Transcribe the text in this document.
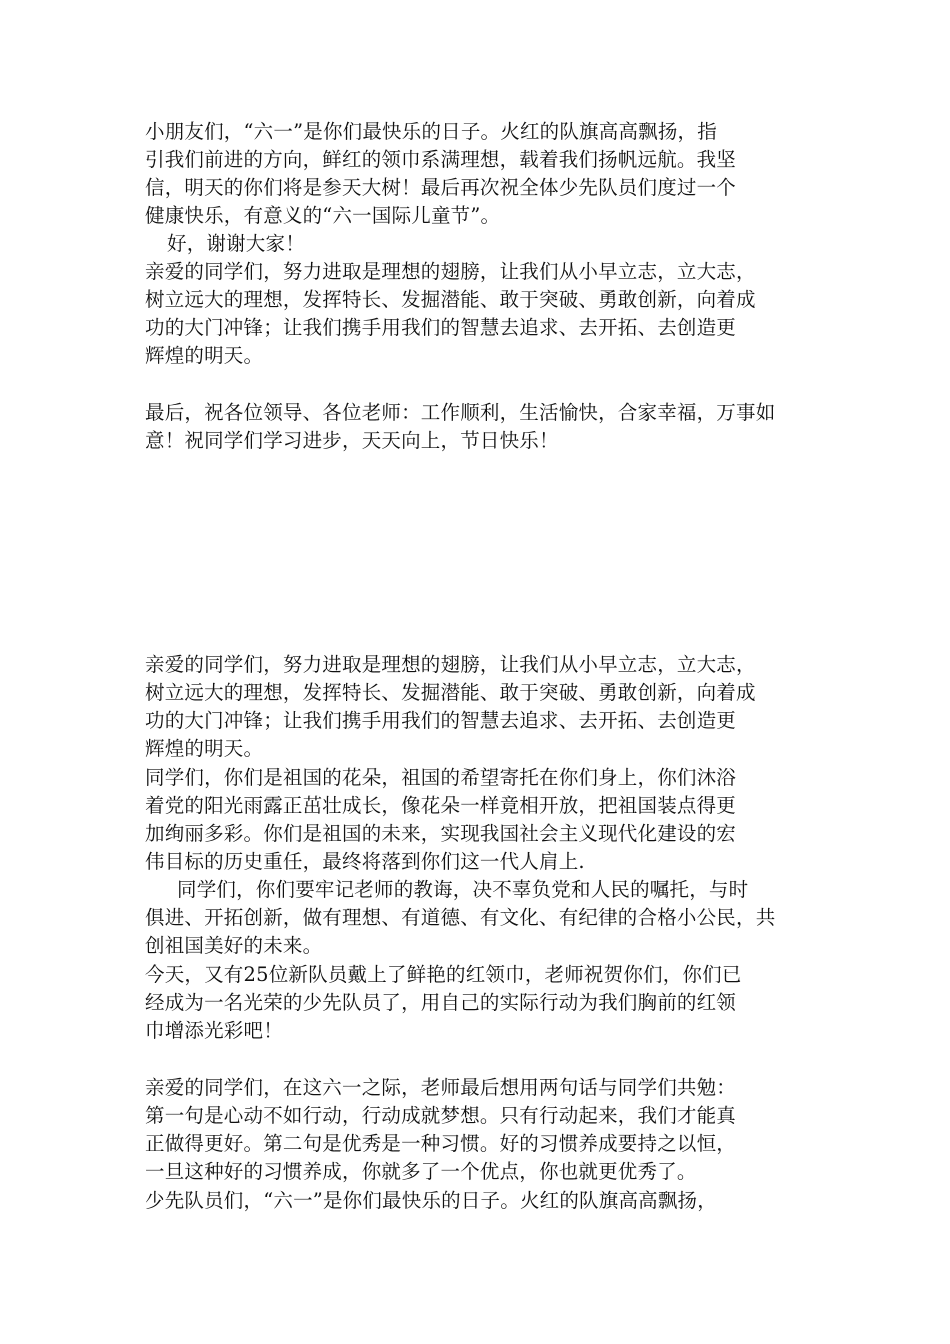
小朋友们，“六一”是你们最快乐的日子。火红的队旗高高飘扬，指
引我们前进的方向，鲜红的领巾系满理想，载着我们扬帆远航。我坚
信，明天的你们将是参天大树！最后再次祝全体少先队员们度过一个
健康快乐，有意义的“六一国际儿童节”。
好，谢谢大家！
亲爱的同学们，努力进取是理想的翅膀，让我们从小早立志，立大志，
树立远大的理想，发挥特长、发掘潜能、敢于突破、勇敢创新，向着成
功的大门冲锋；让我们携手用我们的智慧去追求、去开拓、去创造更
辉煌的明天。
最后，祝各位领导、各位老师：工作顺利，生活愉快，合家幸福，万事如
意！祝同学们学习进步，天天向上，节日快乐！
亲爱的同学们，努力进取是理想的翅膀，让我们从小早立志，立大志，
树立远大的理想，发挥特长、发掘潜能、敢于突破、勇敢创新，向着成
功的大门冲锋；让我们携手用我们的智慧去追求、去开拓、去创造更
辉煌的明天。
同学们，你们是祖国的花朵，祖国的希望寄托在你们身上，你们沐浴
着党的阳光雨露正茁壮成长，像花朵一样竟相开放，把祖国装点得更
加绚丽多彩。你们是祖国的未来，实现我国社会主义现代化建设的宏
伟目标的历史重任，最终将落到你们这一代人肩上.
同学们，你们要牢记老师的教诲，决不辜负党和人民的嘱托，与时
俱进、开拓创新，做有理想、有道德、有文化、有纪律的合格小公民，共
创祖国美好的未来。
今天，又有25位新队员戴上了鲜艳的红领巾，老师祝贺你们，你们已
经成为一名光荣的少先队员了，用自己的实际行动为我们胸前的红领
巾增添光彩吧！
亲爱的同学们，在这六一之际，老师最后想用两句话与同学们共勉：
第一句是心动不如行动，行动成就梦想。只有行动起来，我们才能真
正做得更好。第二句是优秀是一种习惯。好的习惯养成要持之以恒，
一旦这种好的习惯养成，你就多了一个优点，你也就更优秀了。
少先队员们，“六一”是你们最快乐的日子。火红的队旗高高飘扬，
